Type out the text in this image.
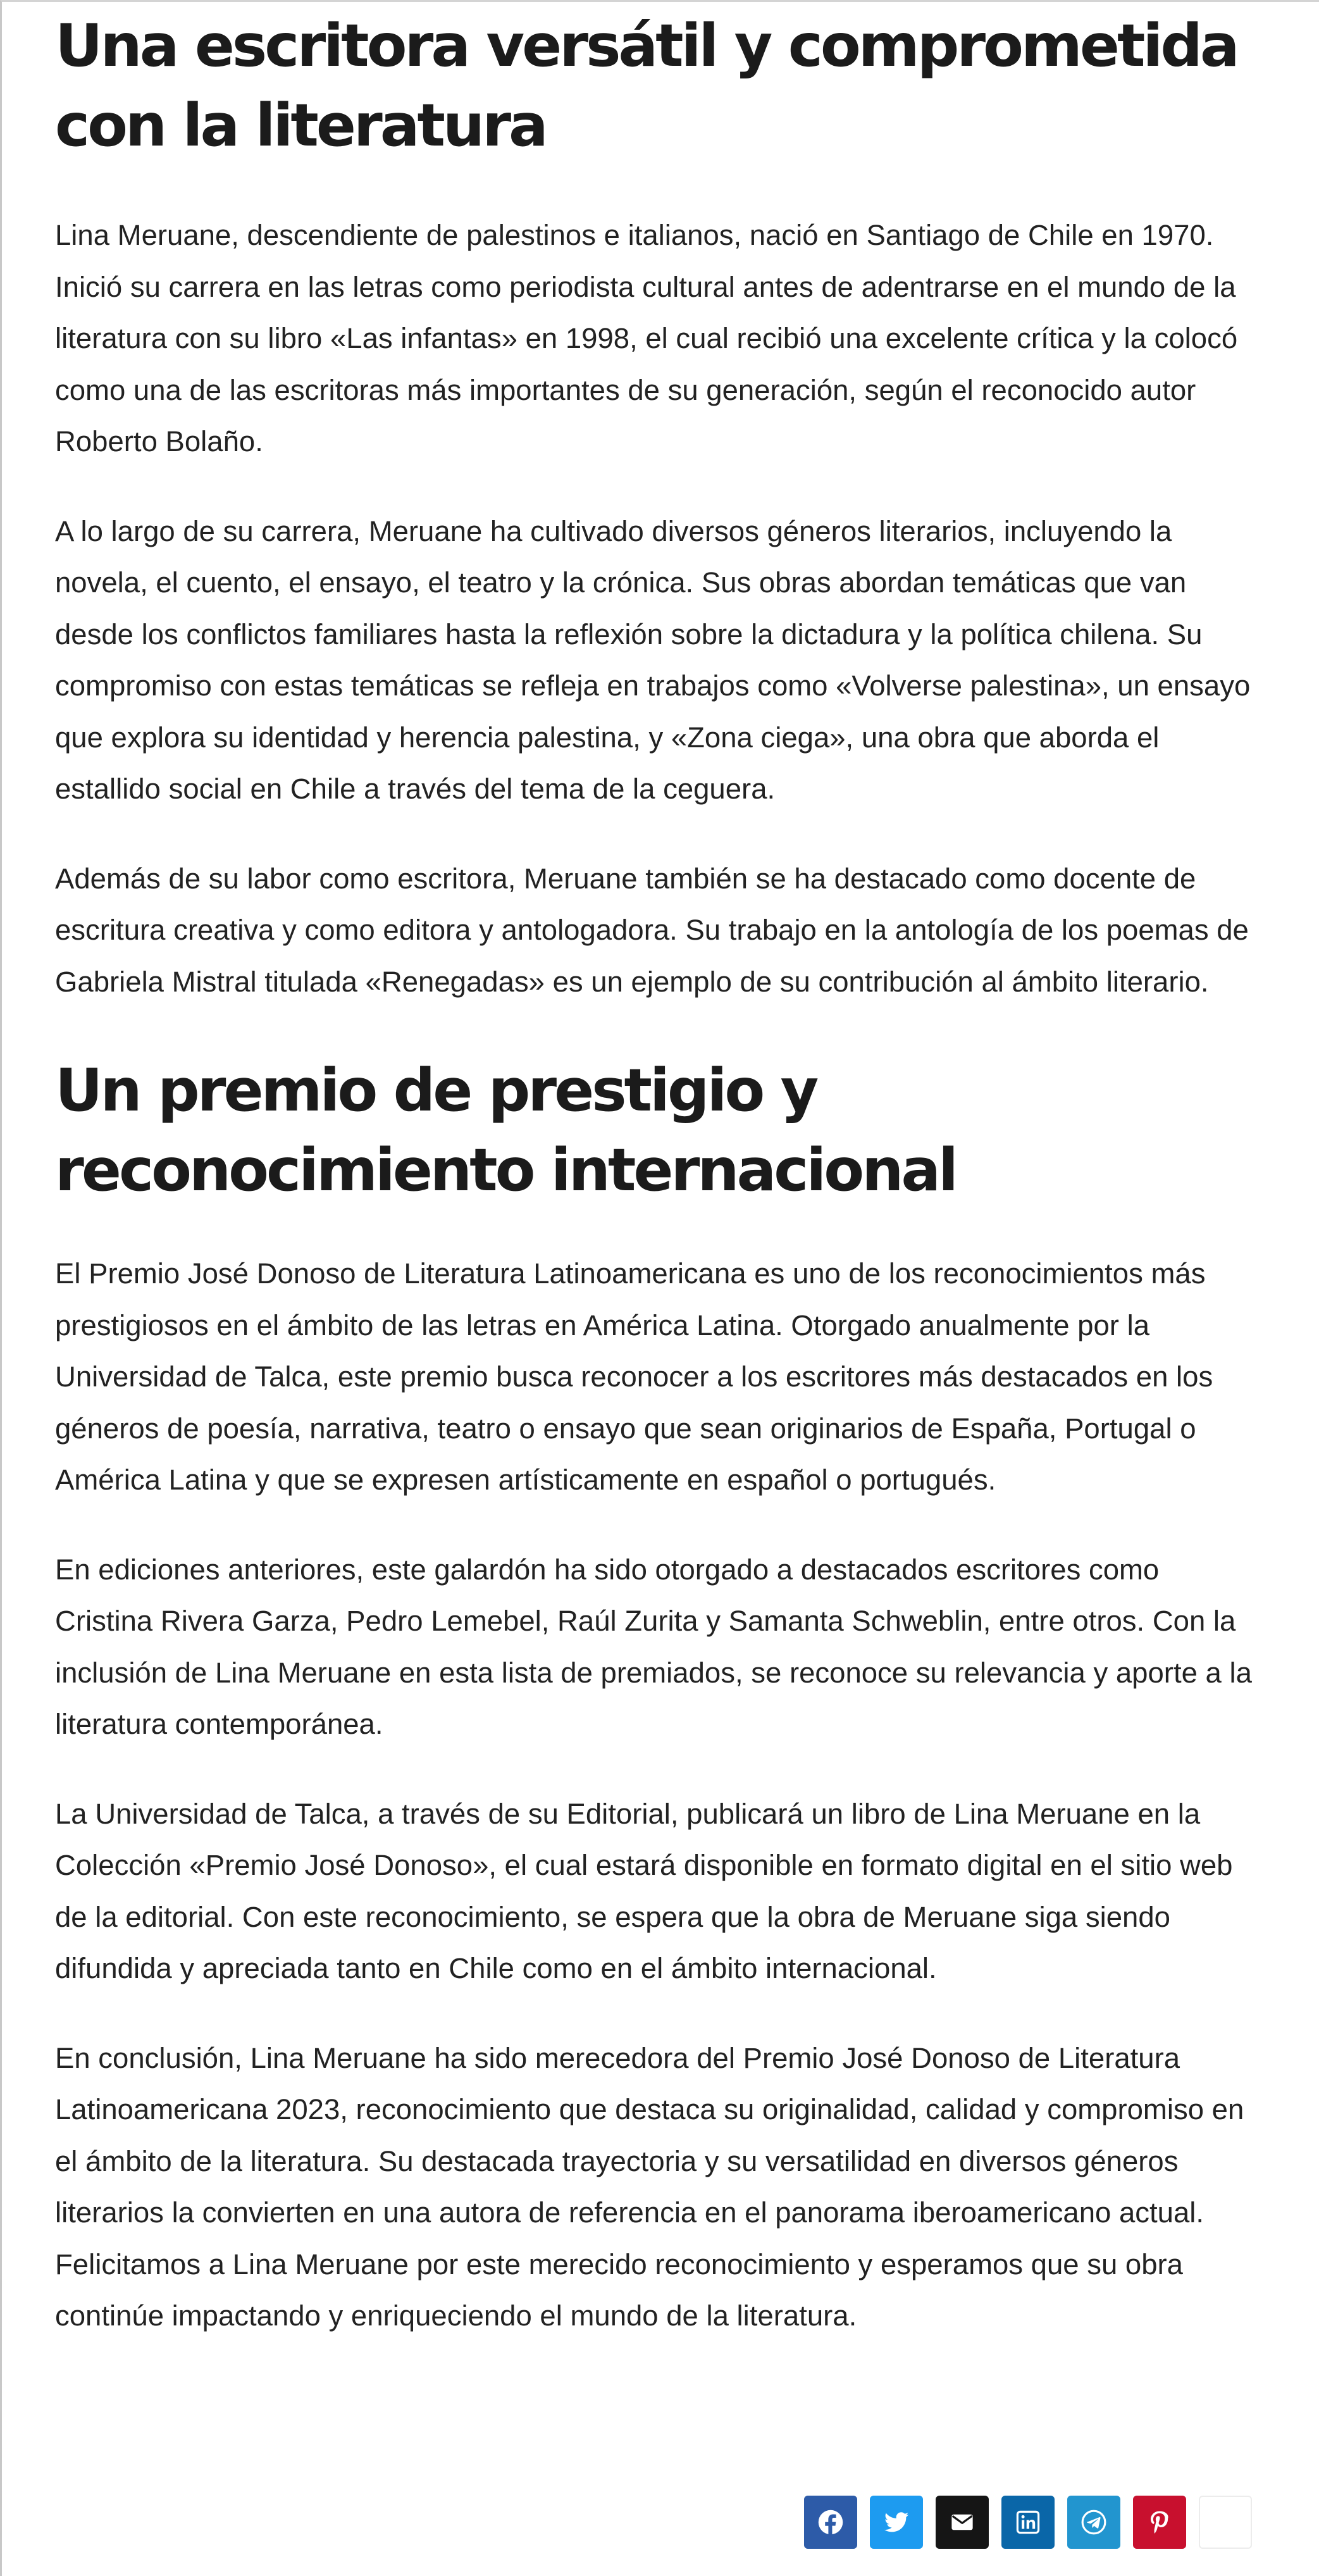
Una escritora versátil y comprometida con la literatura

Lina Meruane, descendiente de palestinos e italianos, nació en Santiago de Chile en 1970. Inició su carrera en las letras como periodista cultural antes de adentrarse en el mundo de la literatura con su libro «Las infantas» en 1998, el cual recibió una excelente crítica y la colocó como una de las escritoras más importantes de su generación, según el reconocido autor Roberto Bolaño.

A lo largo de su carrera, Meruane ha cultivado diversos géneros literarios, incluyendo la novela, el cuento, el ensayo, el teatro y la crónica. Sus obras abordan temáticas que van desde los conflictos familiares hasta la reflexión sobre la dictadura y la política chilena. Su compromiso con estas temáticas se refleja en trabajos como «Volverse palestina», un ensayo que explora su identidad y herencia palestina, y «Zona ciega», una obra que aborda el estallido social en Chile a través del tema de la ceguera.

Además de su labor como escritora, Meruane también se ha destacado como docente de escritura creativa y como editora y antologadora. Su trabajo en la antología de los poemas de Gabriela Mistral titulada «Renegadas» es un ejemplo de su contribución al ámbito literario.

Un premio de prestigio y reconocimiento internacional

El Premio José Donoso de Literatura Latinoamericana es uno de los reconocimientos más prestigiosos en el ámbito de las letras en América Latina. Otorgado anualmente por la Universidad de Talca, este premio busca reconocer a los escritores más destacados en los géneros de poesía, narrativa, teatro o ensayo que sean originarios de España, Portugal o América Latina y que se expresen artísticamente en español o portugués.

En ediciones anteriores, este galardón ha sido otorgado a destacados escritores como Cristina Rivera Garza, Pedro Lemebel, Raúl Zurita y Samanta Schweblin, entre otros. Con la inclusión de Lina Meruane en esta lista de premiados, se reconoce su relevancia y aporte a la literatura contemporánea.

La Universidad de Talca, a través de su Editorial, publicará un libro de Lina Meruane en la Colección «Premio José Donoso», el cual estará disponible en formato digital en el sitio web de la editorial. Con este reconocimiento, se espera que la obra de Meruane siga siendo difundida y apreciada tanto en Chile como en el ámbito internacional.

En conclusión, Lina Meruane ha sido merecedora del Premio José Donoso de Literatura Latinoamericana 2023, reconocimiento que destaca su originalidad, calidad y compromiso en el ámbito de la literatura. Su destacada trayectoria y su versatilidad en diversos géneros literarios la convierten en una autora de referencia en el panorama iberoamericano actual. Felicitamos a Lina Meruane por este merecido reconocimiento y esperamos que su obra continúe impactando y enriqueciendo el mundo de la literatura.
